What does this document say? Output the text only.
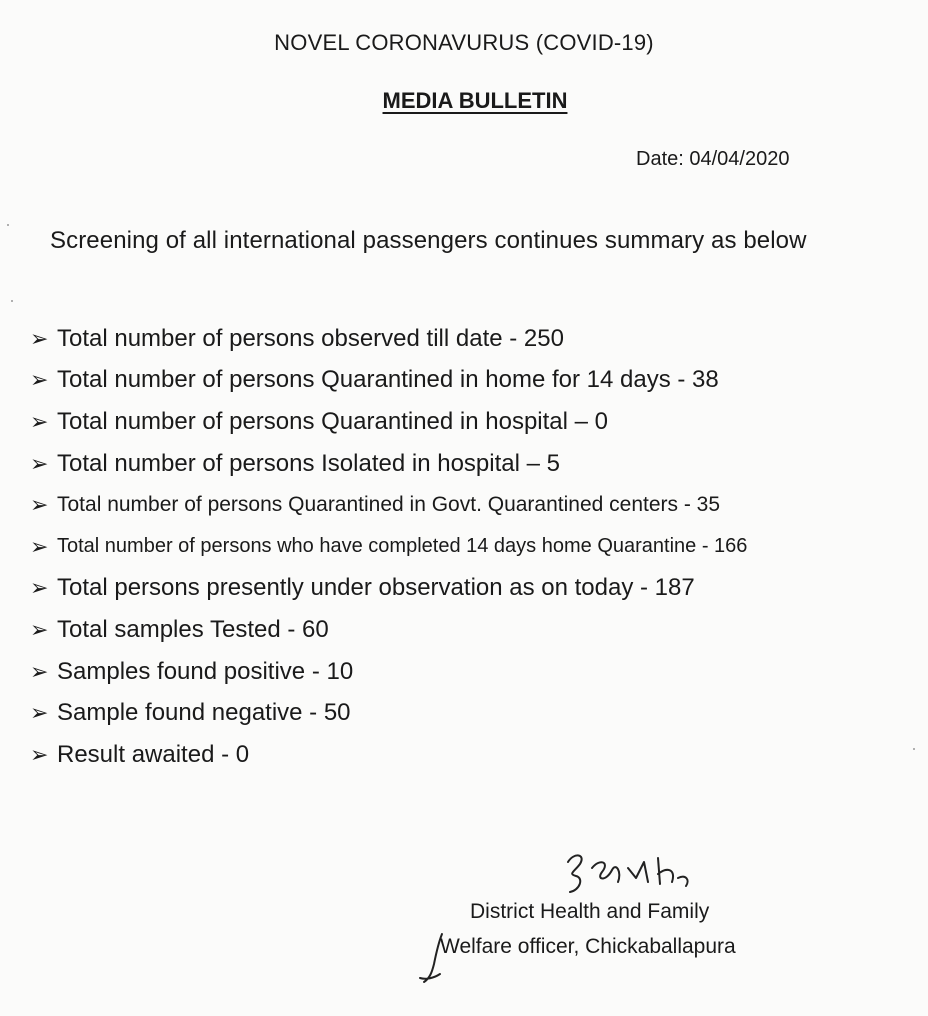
NOVEL CORONAVURUS (COVID-19)
MEDIA BULLETIN
Date: 04/04/2020
Screening of all international passengers continues summary as below
➢ Total number of persons observed till date - 250
➢ Total number of persons Quarantined in home for 14 days - 38
➢ Total number of persons Quarantined in hospital – 0
➢ Total number of persons Isolated in hospital – 5
➢ Total number of persons Quarantined in Govt. Quarantined centers - 35
➢ Total number of persons who have completed 14 days home Quarantine - 166
➢ Total persons presently under observation as on today - 187
➢ Total samples Tested - 60
➢ Samples found positive - 10
➢ Sample found negative - 50
➢ Result awaited - 0
District Health and Family
Welfare officer, Chickaballapura
